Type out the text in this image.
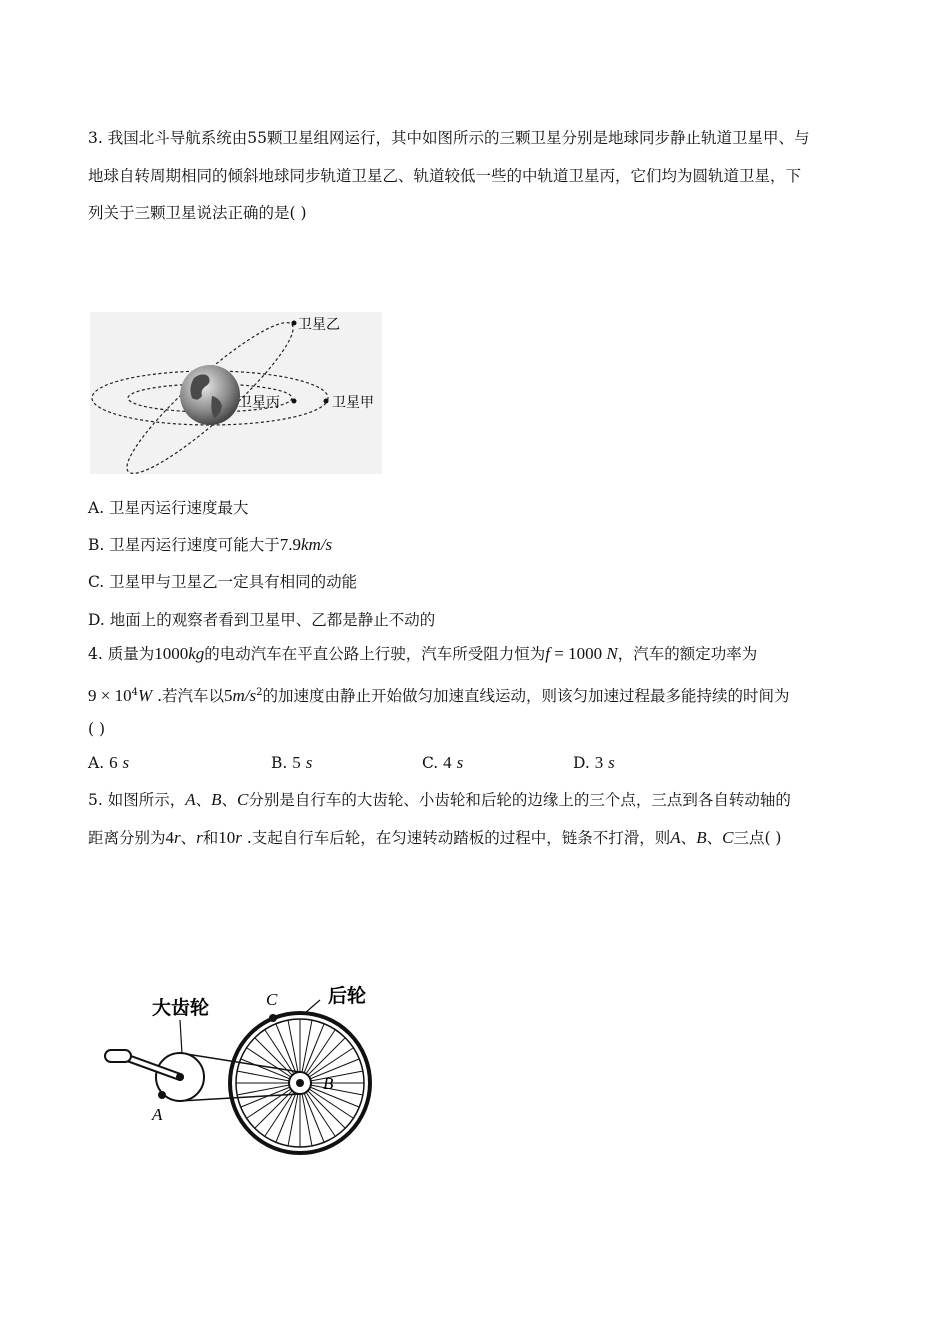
3. 我国北斗导航系统由55颗卫星组网运行，其中如图所示的三颗卫星分别是地球同步静止轨道卫星甲、与
地球自转周期相同的倾斜地球同步轨道卫星乙、轨道较低一些的中轨道卫星丙，它们均为圆轨道卫星，下
列关于三颗卫星说法正确的是( )
卫星乙
卫星丙	卫星甲
A. 卫星丙运行速度最大
B. 卫星丙运行速度可能大于7.9km/s
C. 卫星甲与卫星乙一定具有相同的动能
D. 地面上的观察者看到卫星甲、乙都是静止不动的
4. 质量为1000kg的电动汽车在平直公路上行驶，汽车所受阻力恒为f = 1000 N，汽车的额定功率为
$9 \times 10^4W$ .若汽车以$5m/s^2$的加速度由静止开始做匀加速直线运动，则该匀加速过程最多能持续的时间为
( )
A. 6 s	B. 5 s	C. 4 s	D. 3 s
5. 如图所示，A、B、C分别是自行车的大齿轮、小齿轮和后轮的边缘上的三个点，三点到各自转动轴的
距离分别为4r、r和10r .支起自行车后轮，在匀速转动踏板的过程中，链条不打滑，则A、B、C三点( )
大齿轮
后轮
A
B
C
